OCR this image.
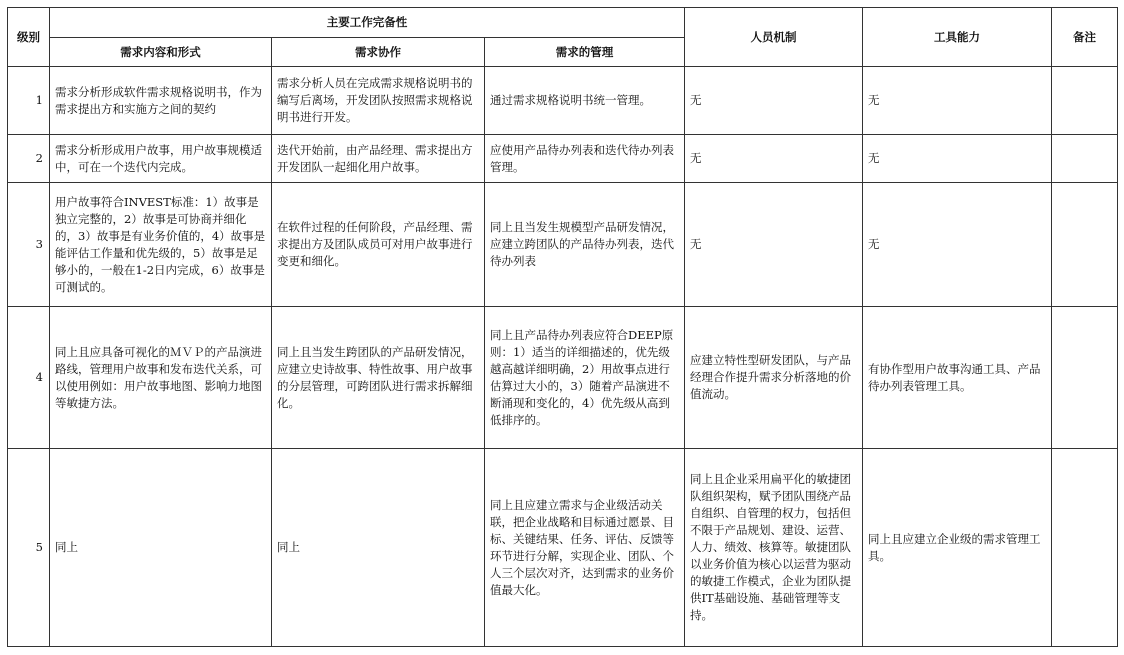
级别	主要工作完备性			人员机制	工具能力	备注
	需求内容和形式	需求协作	需求的管理			
1	需求分析形成软件需求规格说明书，作为需求提出方和实施方之间的契约	需求分析人员在完成需求规格说明书的编写后离场，开发团队按照需求规格说明书进行开发。	通过需求规格说明书统一管理。	无	无	
2	需求分析形成用户故事，用户故事规模适中，可在一个迭代内完成。	迭代开始前，由产品经理、需求提出方开发团队一起细化用户故事。	应使用产品待办列表和迭代待办列表管理。	无	无	
3	用户故事符合INVEST标准：1）故事是独立完整的，2）故事是可协商并细化的，3）故事是有业务价值的，4）故事是能评估工作量和优先级的，5）故事是足够小的，一般在1-2日内完成，6）故事是可测试的。	在软件过程的任何阶段，产品经理、需求提出方及团队成员可对用户故事进行变更和细化。	同上且当发生规模型产品研发情况，应建立跨团队的产品待办列表，迭代待办列表	无	无	
4	同上且应具备可视化的ＭＶＰ的产品演进路线，管理用户故事和发布迭代关系，可以使用例如：用户故事地图、影响力地图等敏捷方法。	同上且当发生跨团队的产品研发情况，应建立史诗故事、特性故事、用户故事的分层管理，可跨团队进行需求拆解细化。	同上且产品待办列表应符合DEEP原则：1）适当的详细描述的，优先级越高越详细明确，2）用故事点进行估算过大小的，3）随着产品演进不断涌现和变化的，4）优先级从高到低排序的。	应建立特性型研发团队，与产品经理合作提升需求分析落地的价值流动。	有协作型用户故事沟通工具、产品待办列表管理工具。	
5	同上	同上	同上且应建立需求与企业级活动关联，把企业战略和目标通过愿景、目标、关键结果、任务、评估、反馈等环节进行分解，实现企业、团队、个人三个层次对齐，达到需求的业务价值最大化。	同上且企业采用扁平化的敏捷团队组织架构，赋予团队围绕产品自组织、自管理的权力，包括但不限于产品规划、建设、运营、人力、绩效、核算等。敏捷团队以业务价值为核心以运营为驱动的敏捷工作模式，企业为团队提供IT基础设施、基础管理等支持。	同上且应建立企业级的需求管理工具。	
